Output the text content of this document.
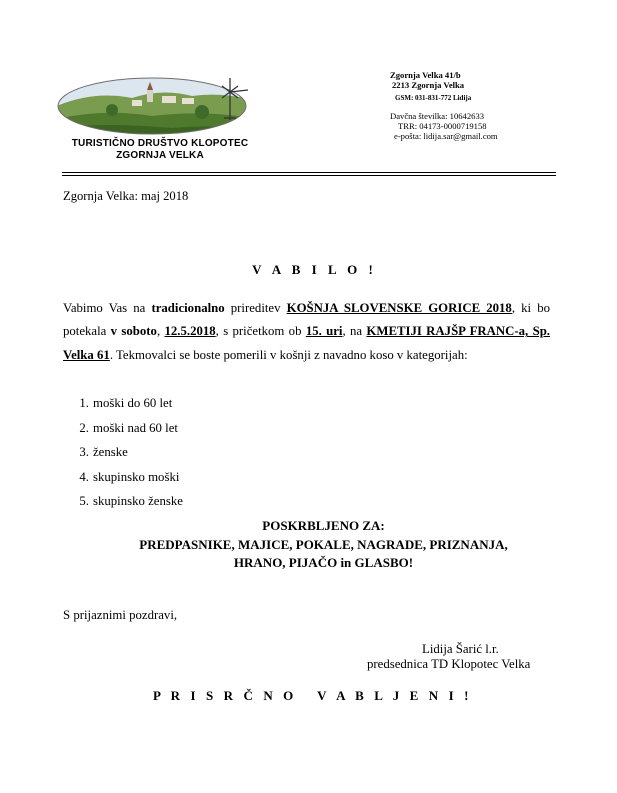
TURISTIČNO DRUŠTVO KLOPOTEC
ZGORNJA VELKA
Zgornja Velka 41/b
2213 Zgornja Velka
GSM: 031-831-772 Lidija
Davčna številka: 10642633
TRR: 04173-0000719158
e-pošta: lidija.sar@gmail.com
Zgornja Velka: maj 2018
V A B I L O !
Vabimo Vas na tradicionalno prireditev KOŠNJA SLOVENSKE GORICE 2018, ki bo potekala v soboto, 12.5.2018, s pričetkom ob 15. uri, na KMETIJI RAJŠP FRANC-a, Sp. Velka 61. Tekmovalci se boste pomerili v košnji z navadno koso v kategorijah:
1. moški do 60 let
2. moški nad 60 let
3. ženske
4. skupinsko moški
5. skupinsko ženske
POSKRBLJENO ZA:
PREDPASNIKE, MAJICE, POKALE, NAGRADE, PRIZNANJA,
HRANO, PIJAČO in GLASBO!
S prijaznimi pozdravi,
Lidija Šarić l.r.
predsednica TD Klopotec Velka
P R I S R Č N O   V A B L J E N I !
